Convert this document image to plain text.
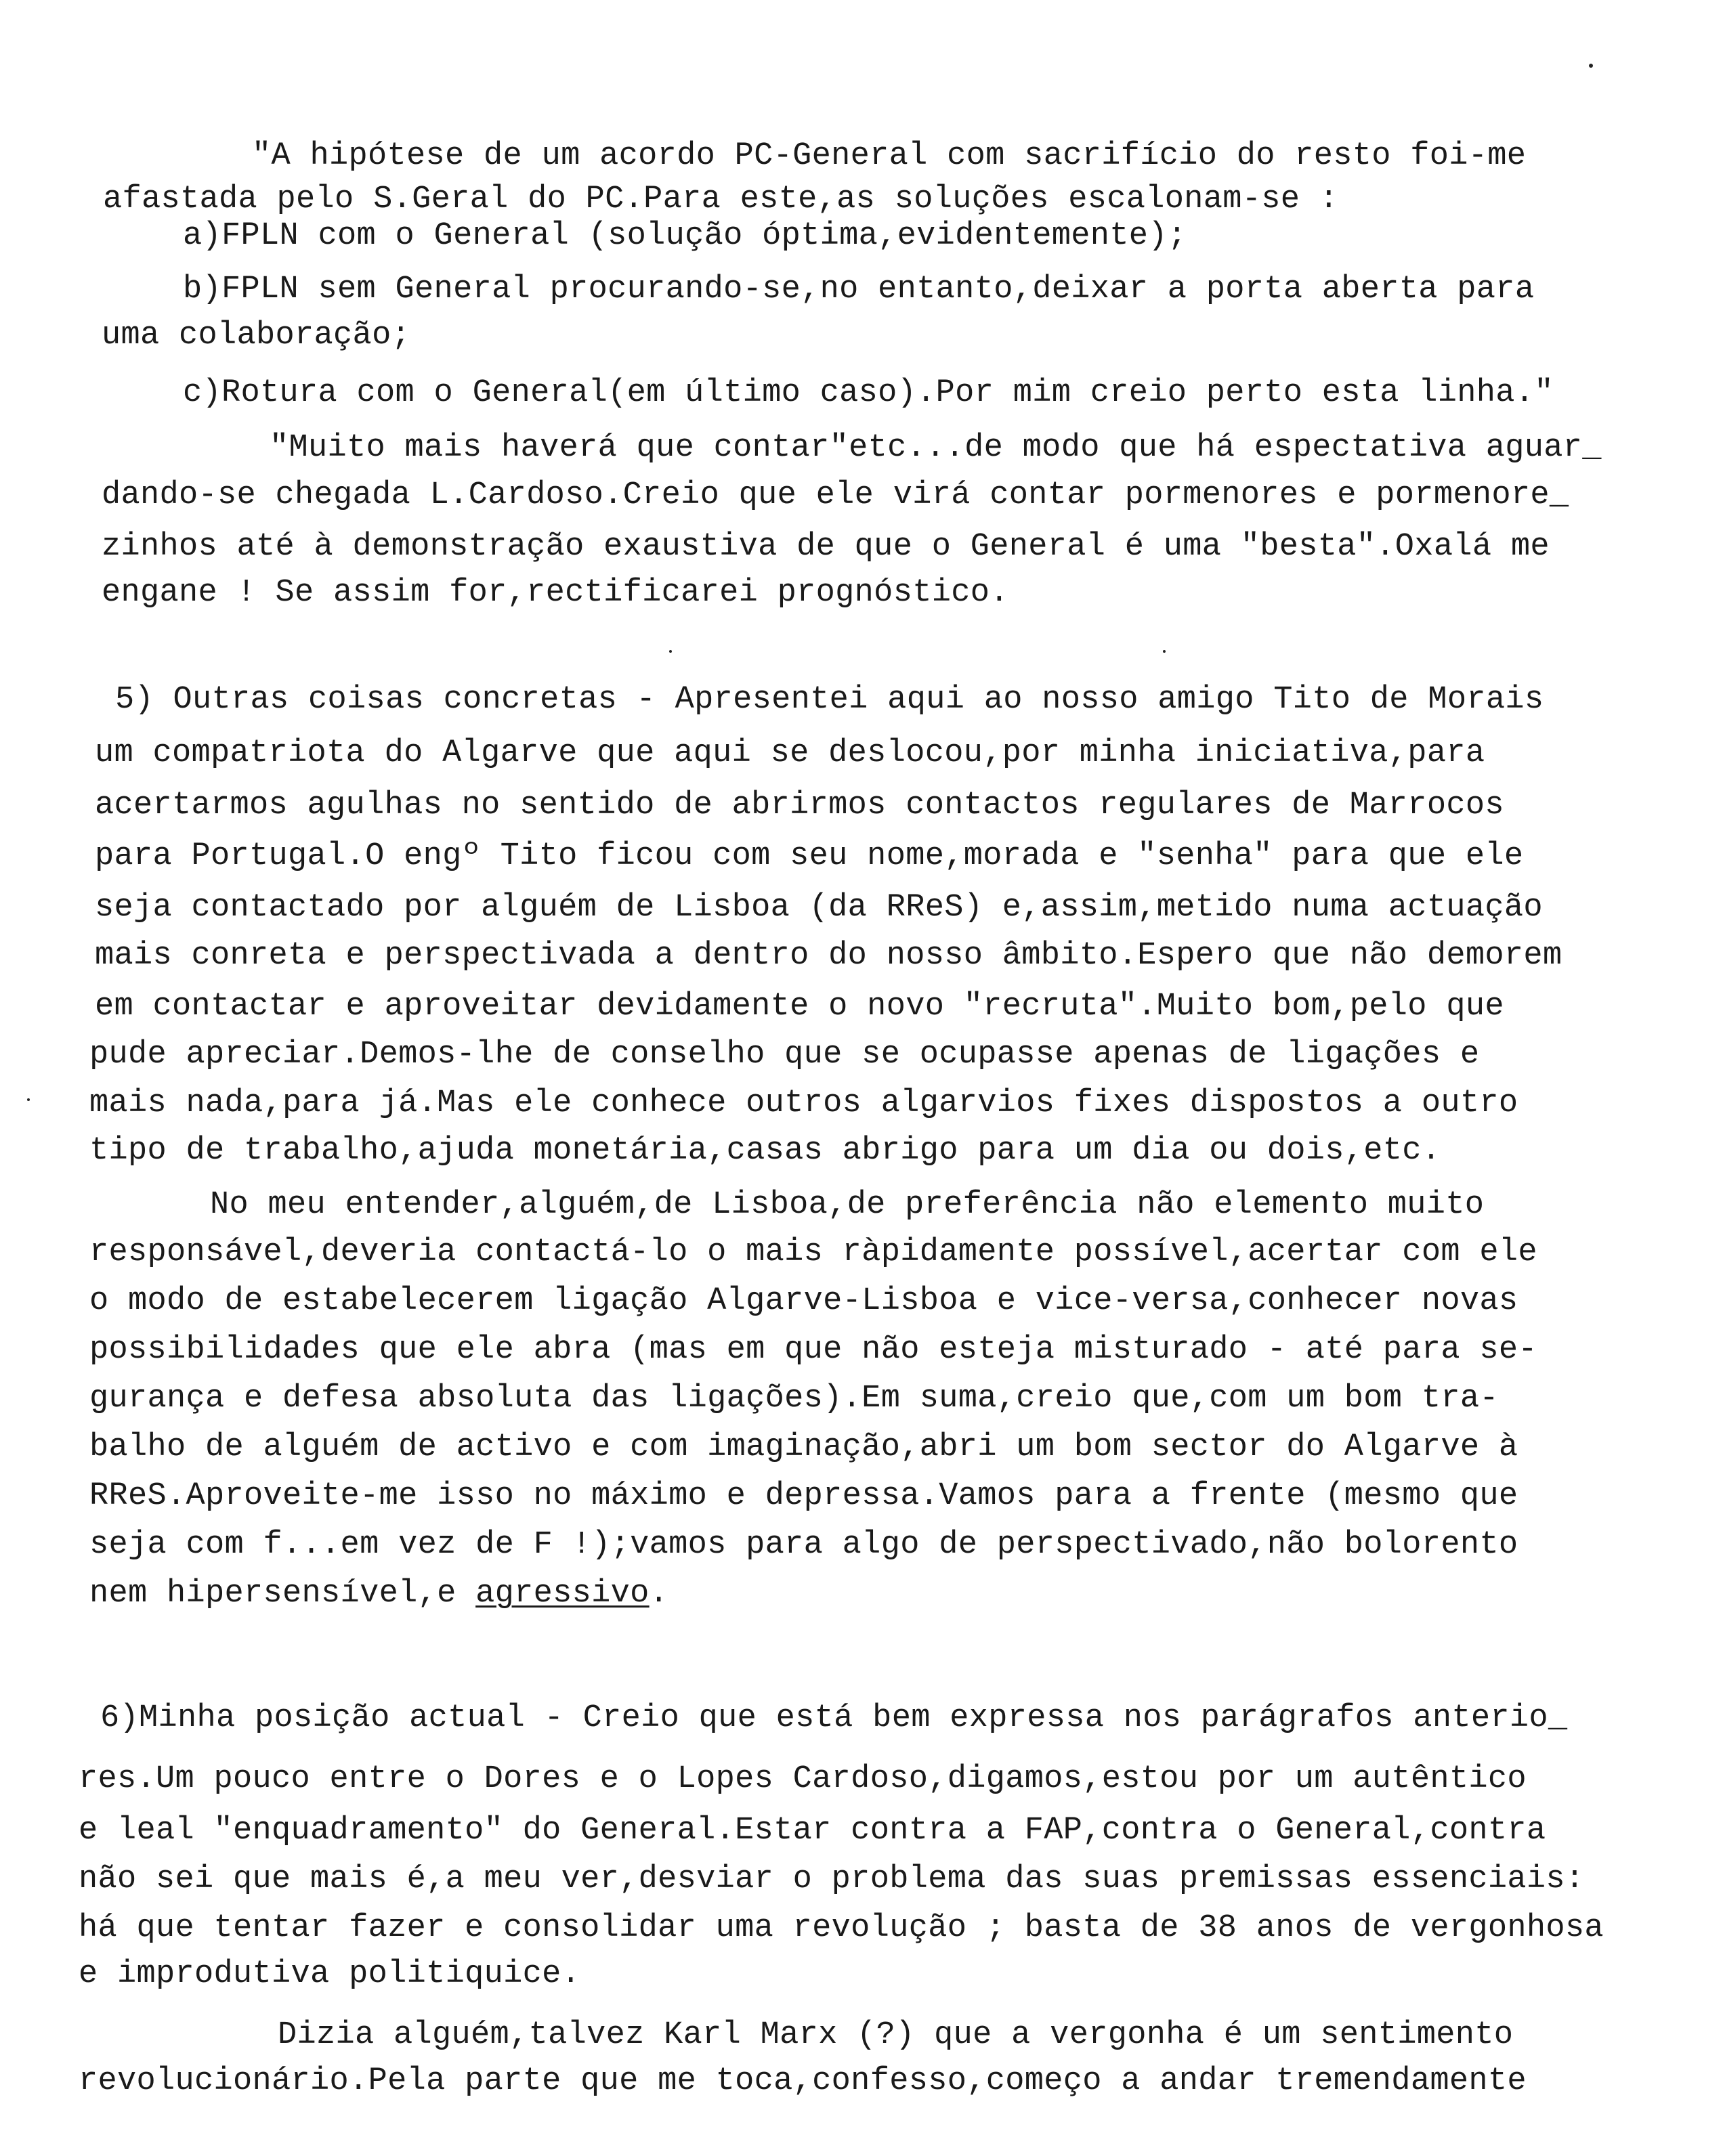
"A hipótese de um acordo PC-General com sacrifício do resto foi-me
afastada pelo S.Geral do PC.Para este,as soluções escalonam-se :
a)FPLN com o General (solução óptima,evidentemente);
b)FPLN sem General procurando-se,no entanto,deixar a porta aberta para
uma colaboração;
c)Rotura com o General(em último caso).Por mim creio perto esta linha."
"Muito mais haverá que contar"etc...de modo que há espectativa aguar_
dando-se chegada L.Cardoso.Creio que ele virá contar pormenores e pormenore_
zinhos até à demonstração exaustiva de que o General é uma "besta".Oxalá me
engane ! Se assim for,rectificarei prognóstico.
5) Outras coisas concretas - Apresentei aqui ao nosso amigo Tito de Morais
um compatriota do Algarve que aqui se deslocou,por minha iniciativa,para
acertarmos agulhas no sentido de abrirmos contactos regulares de Marrocos
para Portugal.O engº Tito ficou com seu nome,morada e "senha" para que ele
seja contactado por alguém de Lisboa (da RReS) e,assim,metido numa actuação
mais conreta e perspectivada a dentro do nosso âmbito.Espero que não demorem
em contactar e aproveitar devidamente o novo "recruta".Muito bom,pelo que
pude apreciar.Demos-lhe de conselho que se ocupasse apenas de ligações e
mais nada,para já.Mas ele conhece outros algarvios fixes dispostos a outro
tipo de trabalho,ajuda monetária,casas abrigo para um dia ou dois,etc.
No meu entender,alguém,de Lisboa,de preferência não elemento muito
responsável,deveria contactá-lo o mais ràpidamente possível,acertar com ele
o modo de estabelecerem ligação Algarve-Lisboa e vice-versa,conhecer novas
possibilidades que ele abra (mas em que não esteja misturado - até para se-
gurança e defesa absoluta das ligações).Em suma,creio que,com um bom tra-
balho de alguém de activo e com imaginação,abri um bom sector do Algarve à
RReS.Aproveite-me isso no máximo e depressa.Vamos para a frente (mesmo que
seja com f...em vez de F !);vamos para algo de perspectivado,não bolorento
nem hipersensível,e agressivo.
6)Minha posição actual - Creio que está bem expressa nos parágrafos anterio_
res.Um pouco entre o Dores e o Lopes Cardoso,digamos,estou por um autêntico
e leal "enquadramento" do General.Estar contra a FAP,contra o General,contra
não sei que mais é,a meu ver,desviar o problema das suas premissas essenciais:
há que tentar fazer e consolidar uma revolução ; basta de 38 anos de vergonhosa
e improdutiva politiquice.
Dizia alguém,talvez Karl Marx (?) que a vergonha é um sentimento
revolucionário.Pela parte que me toca,confesso,começo a andar tremendamente
